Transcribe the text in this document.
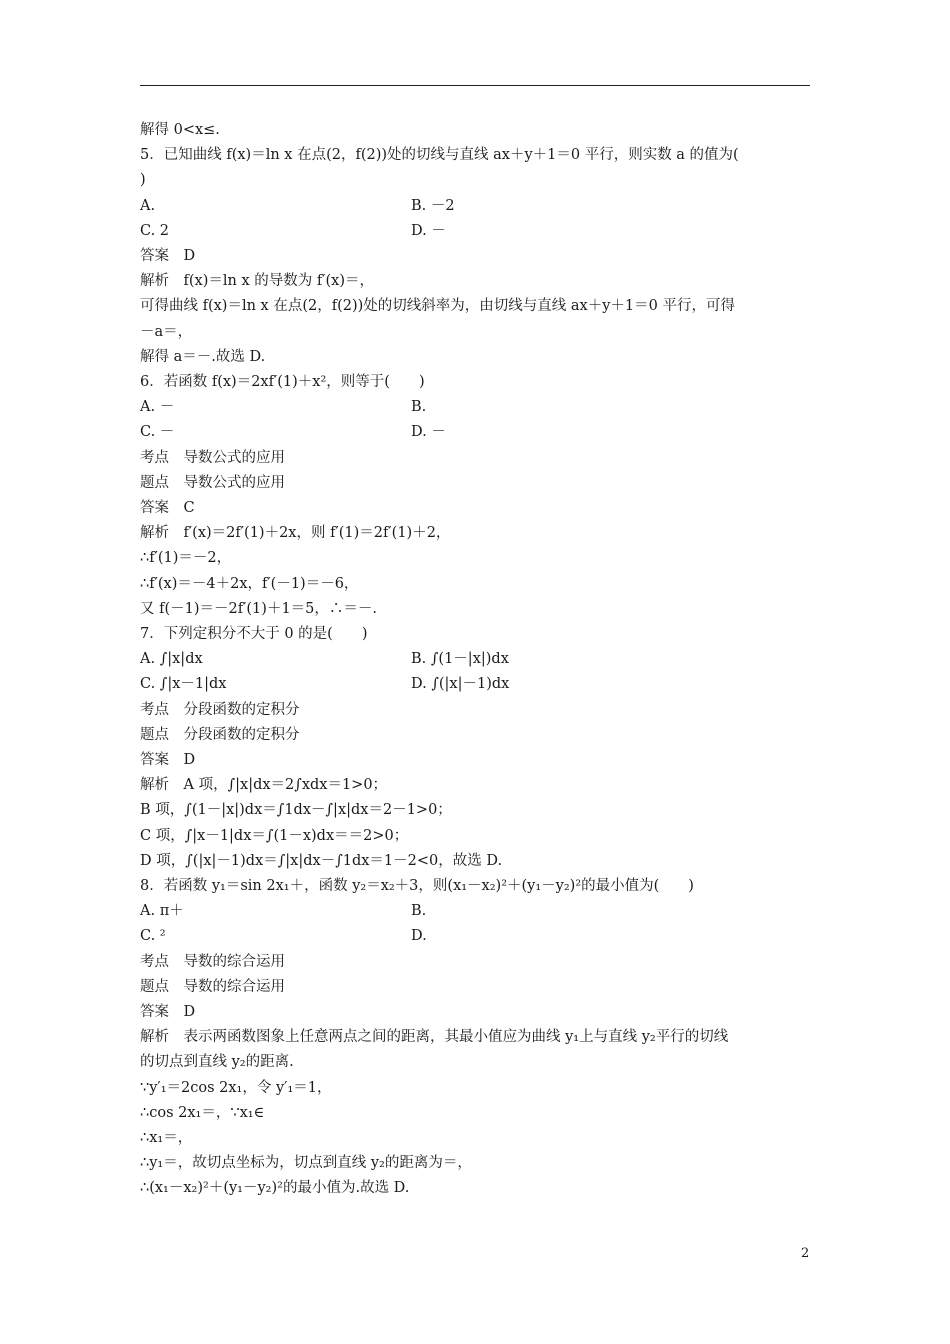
解得 0<x≤.
5．已知曲线 f(x)＝ln x 在点(2，f(2))处的切线与直线 ax＋y＋1＝0 平行，则实数 a 的值为(
)
A.	B. －2
C. 2	D. －
答案　D
解析　f(x)＝ln x 的导数为 f′(x)＝，
可得曲线 f(x)＝ln x 在点(2，f(2))处的切线斜率为，由切线与直线 ax＋y＋1＝0 平行，可得
－a＝，
解得 a＝－.故选 D.
6．若函数 f(x)＝2xf′(1)＋x²，则等于(　　)
A. －	B.
C. －	D. －
考点　导数公式的应用
题点　导数公式的应用
答案　C
解析　f′(x)＝2f′(1)＋2x，则 f′(1)＝2f′(1)＋2，
∴f′(1)＝－2，
∴f′(x)＝－4＋2x，f′(－1)＝－6，
又 f(－1)＝－2f′(1)＋1＝5，∴＝－.
7．下列定积分不大于 0 的是(　　)
A. ∫|x|dx	B. ∫(1－|x|)dx
C. ∫|x－1|dx	D. ∫(|x|－1)dx
考点　分段函数的定积分
题点　分段函数的定积分
答案　D
解析　A 项，∫|x|dx＝2∫xdx＝1>0；
B 项，∫(1－|x|)dx＝∫1dx－∫|x|dx＝2－1>0；
C 项，∫|x－1|dx＝∫(1－x)dx＝＝2>0；
D 项，∫(|x|－1)dx＝∫|x|dx－∫1dx＝1－2<0，故选 D.
8．若函数 y₁＝sin 2x₁＋，函数 y₂＝x₂＋3，则(x₁－x₂)²＋(y₁－y₂)²的最小值为(　　)
A. π＋	B.
C. ²	D.
考点　导数的综合运用
题点　导数的综合运用
答案　D
解析　表示两函数图象上任意两点之间的距离，其最小值应为曲线 y₁上与直线 y₂平行的切线
的切点到直线 y₂的距离.
∵y′₁＝2cos 2x₁，令 y′₁＝1，
∴cos 2x₁＝，∵x₁∈
∴x₁＝，
∴y₁＝，故切点坐标为，切点到直线 y₂的距离为＝，
∴(x₁－x₂)²＋(y₁－y₂)²的最小值为.故选 D.
2
